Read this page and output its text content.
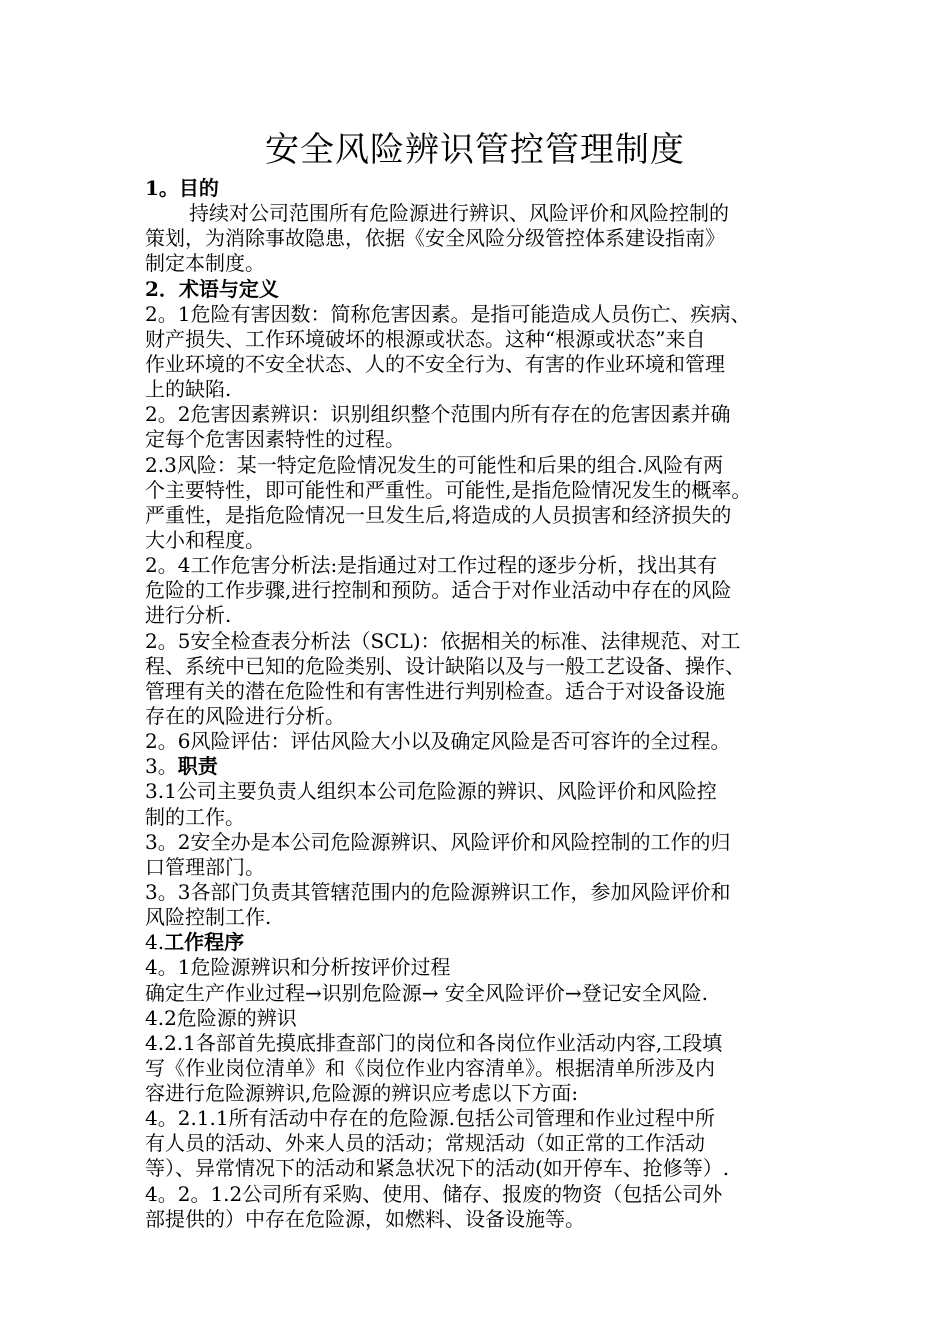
安全风险辨识管控管理制度
1。目的
持续对公司范围所有危险源进行辨识、风险评价和风险控制的
策划，为消除事故隐患，依据《安全风险分级管控体系建设指南》
制定本制度。
2．术语与定义
2。1危险有害因数：简称危害因素。是指可能造成人员伤亡、疾病、
财产损失、工作环境破坏的根源或状态。这种“根源或状态”来自
作业环境的不安全状态、人的不安全行为、有害的作业环境和管理
上的缺陷.
2。2危害因素辨识：识别组织整个范围内所有存在的危害因素并确
定每个危害因素特性的过程。
2.3风险：某一特定危险情况发生的可能性和后果的组合.风险有两
个主要特性，即可能性和严重性。可能性,是指危险情况发生的概率。
严重性，是指危险情况一旦发生后,将造成的人员损害和经济损失的
大小和程度。
2。4工作危害分析法:是指通过对工作过程的逐步分析，找出其有
危险的工作步骤,进行控制和预防。适合于对作业活动中存在的风险
进行分析.
2。5安全检查表分析法（SCL)：依据相关的标准、法律规范、对工
程、系统中已知的危险类别、设计缺陷以及与一般工艺设备、操作、
管理有关的潜在危险性和有害性进行判别检查。适合于对设备设施
存在的风险进行分析。
2。6风险评估：评估风险大小以及确定风险是否可容许的全过程。
3。职责
3.1公司主要负责人组织本公司危险源的辨识、风险评价和风险控
制的工作。
3。2安全办是本公司危险源辨识、风险评价和风险控制的工作的归
口管理部门。
3。3各部门负责其管辖范围内的危险源辨识工作，参加风险评价和
风险控制工作.
4.工作程序
4。1危险源辨识和分析按评价过程
确定生产作业过程→识别危险源→ 安全风险评价→登记安全风险.
4.2危险源的辨识
4.2.1各部首先摸底排查部门的岗位和各岗位作业活动内容,工段填
写《作业岗位清单》和《岗位作业内容清单》。根据清单所涉及内
容进行危险源辨识,危险源的辨识应考虑以下方面:
4。2.1.1所有活动中存在的危险源.包括公司管理和作业过程中所
有人员的活动、外来人员的活动；常规活动（如正常的工作活动
等）、异常情况下的活动和紧急状况下的活动(如开停车、抢修等）.
4。2。1.2公司所有采购、使用、储存、报废的物资（包括公司外
部提供的）中存在危险源，如燃料、设备设施等。
